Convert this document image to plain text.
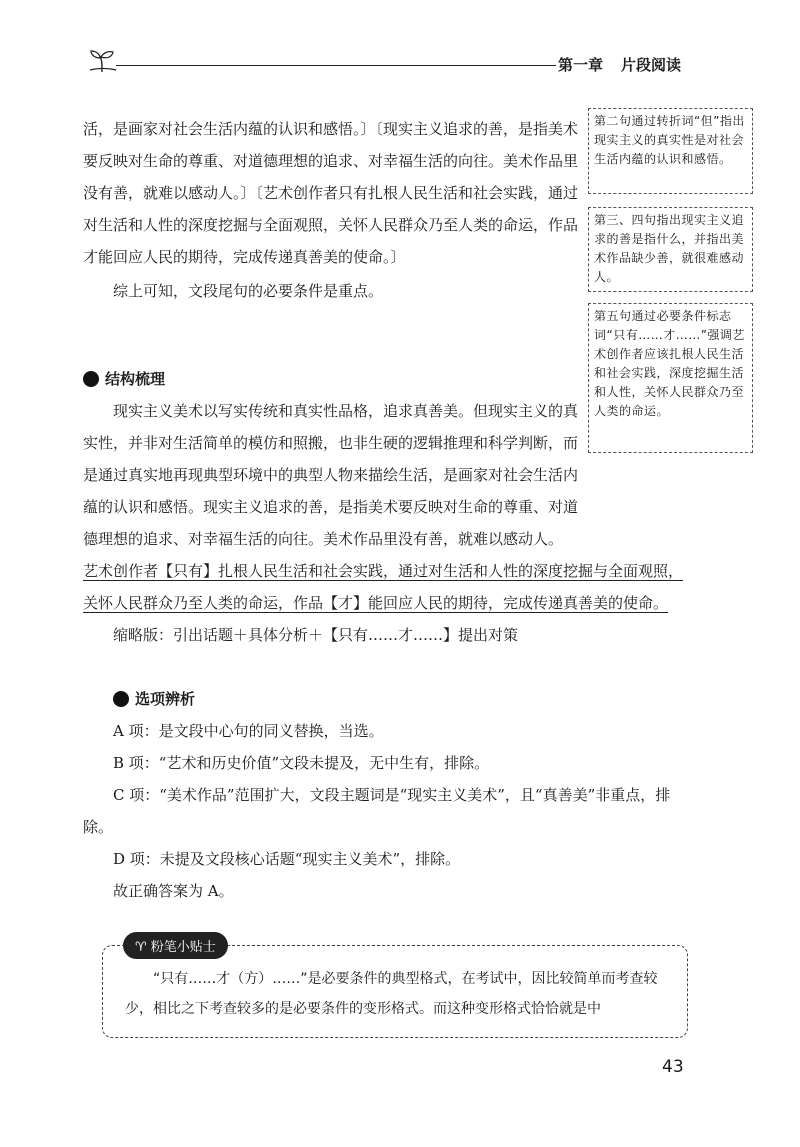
第一章 片段阅读

活，是画家对社会生活内蕴的认识和感悟。〕〔现实主义追求的善，是指美术要反映对生命的尊重、对道德理想的追求、对幸福生活的向往。美术作品里没有善，就难以感动人。〕〔艺术创作者只有扎根人民生活和社会实践，通过对生活和人性的深度挖掘与全面观照，关怀人民群众乃至人类的命运，作品才能回应人民的期待，完成传递真善美的使命。〕

综上可知，文段尾句的必要条件是重点。

第二句通过转折词“但”指出现实主义的真实性是对社会生活内蕴的认识和感悟。
第三、四句指出现实主义追求的善是指什么，并指出美术作品缺少善，就很难感动人。
第五句通过必要条件标志词“只有……才……”强调艺术创作者应该扎根人民生活和社会实践，深度挖掘生活和人性，关怀人民群众乃至人类的命运。
结构梳理

现实主义美术以写实传统和真实性品格，追求真善美。但现实主义的真实性，并非对生活简单的模仿和照搬，也非生硬的逻辑推理和科学判断，而是通过真实地再现典型环境中的典型人物来描绘生活，是画家对社会生活内蕴的认识和感悟。现实主义追求的善，是指美术要反映对生命的尊重、对道德理想的追求、对幸福生活的向往。美术作品里没有善，就难以感动人。

艺术创作者【只有】扎根人民生活和社会实践，通过对生活和人性的深度挖掘与全面观照，关怀人民群众乃至人类的命运，作品【才】能回应人民的期待，完成传递真善美的使命。

缩略版：引出话题＋具体分析＋【只有……才……】提出对策

选项辨析

A 项：是文段中心句的同义替换，当选。

B 项：“艺术和历史价值”文段未提及，无中生有，排除。

C 项：“美术作品”范围扩大，文段主题词是“现实主义美术”，且“真善美”非重点，排除。

D 项：未提及文段核心话题“现实主义美术”，排除。

故正确答案为 A。

♈ 粉笔小贴士
“只有……才（方）……”是必要条件的典型格式，在考试中，因比较简单而考查较少，相比之下考查较多的是必要条件的变形格式。而这种变形格式恰恰就是中
43
